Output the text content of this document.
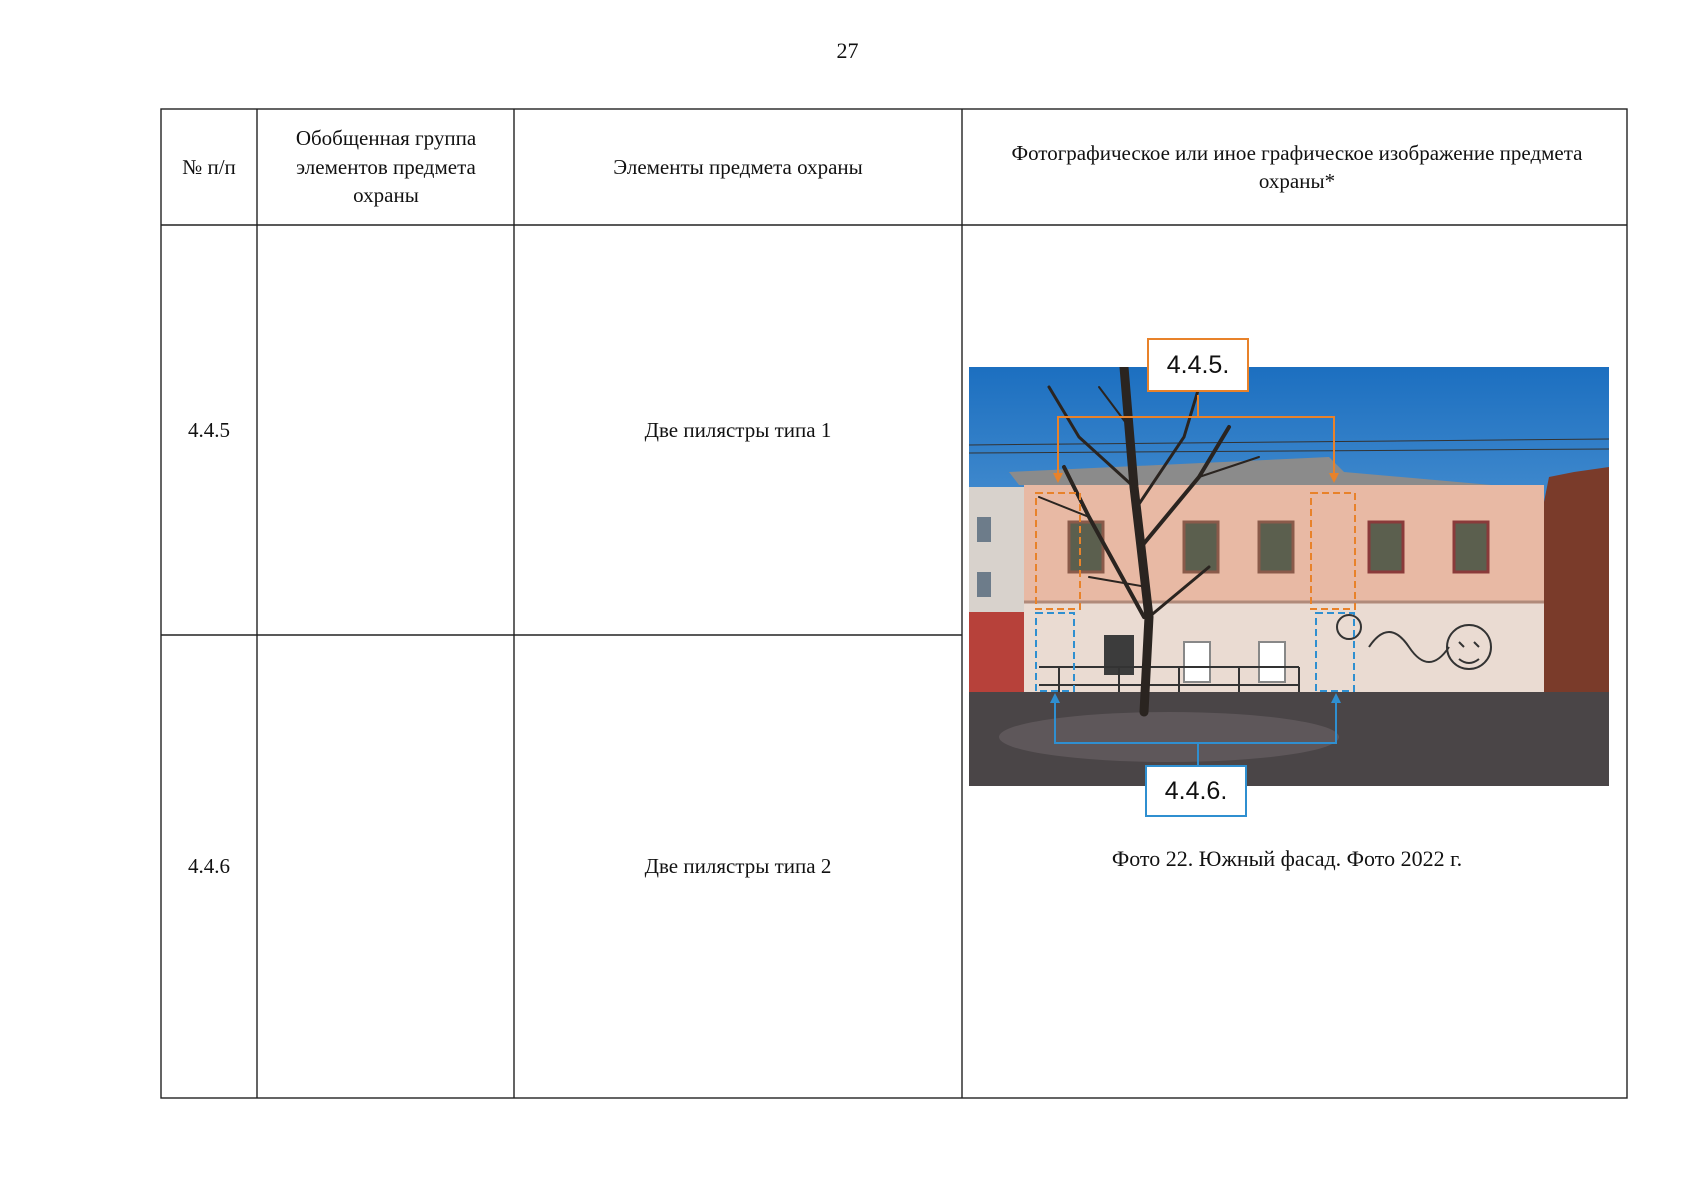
27
№ п/п
Обобщенная группа элементов предмета охраны
Элементы предмета охраны
Фотографическое или иное графическое изображение предмета охраны*
4.4.5	Две пилястры типа 1
4.4.6	Две пилястры типа 2
4.4.5.
4.4.6.
Фото 22. Южный фасад. Фото 2022 г.
